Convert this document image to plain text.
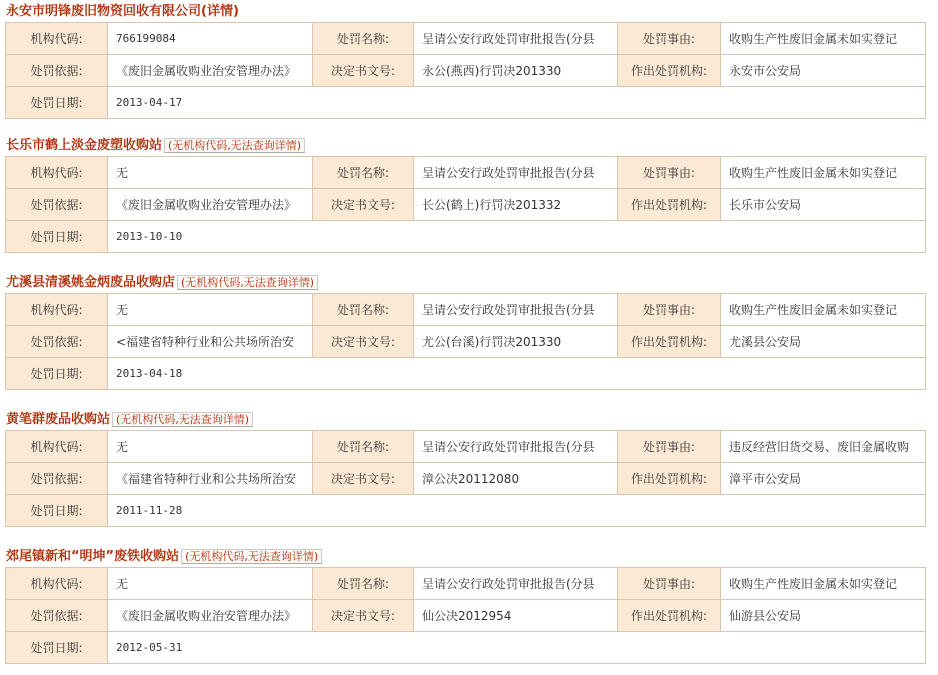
永安市明锋废旧物资回收有限公司(详情)
机构代码:	766199084	处罚名称:	呈请公安行政处罚审批报告(分县	处罚事由:	收购生产性废旧金属未如实登记
处罚依据:	《废旧金属收购业治安管理办法》	决定书文号:	永公(燕西)行罚决201330	作出处罚机构:	永安市公安局
处罚日期:	2013-04-17				
长乐市鹤上淡金废塑收购站 (无机构代码,无法查询详情)
机构代码:	无	处罚名称:	呈请公安行政处罚审批报告(分县	处罚事由:	收购生产性废旧金属未如实登记
处罚依据:	《废旧金属收购业治安管理办法》	决定书文号:	长公(鹤上)行罚决201332	作出处罚机构:	长乐市公安局
处罚日期:	2013-10-10				
尤溪县清溪姚金炳废品收购店 (无机构代码,无法查询详情)
机构代码:	无	处罚名称:	呈请公安行政处罚审批报告(分县	处罚事由:	收购生产性废旧金属未如实登记
处罚依据:	<福建省特种行业和公共场所治安	决定书文号:	尤公(台溪)行罚决201330	作出处罚机构:	尤溪县公安局
处罚日期:	2013-04-18				
黄笔群废品收购站 (无机构代码,无法查询详情)
机构代码:	无	处罚名称:	呈请公安行政处罚审批报告(分县	处罚事由:	违反经营旧货交易、废旧金属收购
处罚依据:	《福建省特种行业和公共场所治安	决定书文号:	漳公决20112080	作出处罚机构:	漳平市公安局
处罚日期:	2011-11-28				
郊尾镇新和“明坤”废铁收购站 (无机构代码,无法查询详情)
机构代码:	无	处罚名称:	呈请公安行政处罚审批报告(分县	处罚事由:	收购生产性废旧金属未如实登记
处罚依据:	《废旧金属收购业治安管理办法》	决定书文号:	仙公决2012954	作出处罚机构:	仙游县公安局
处罚日期:	2012-05-31				
